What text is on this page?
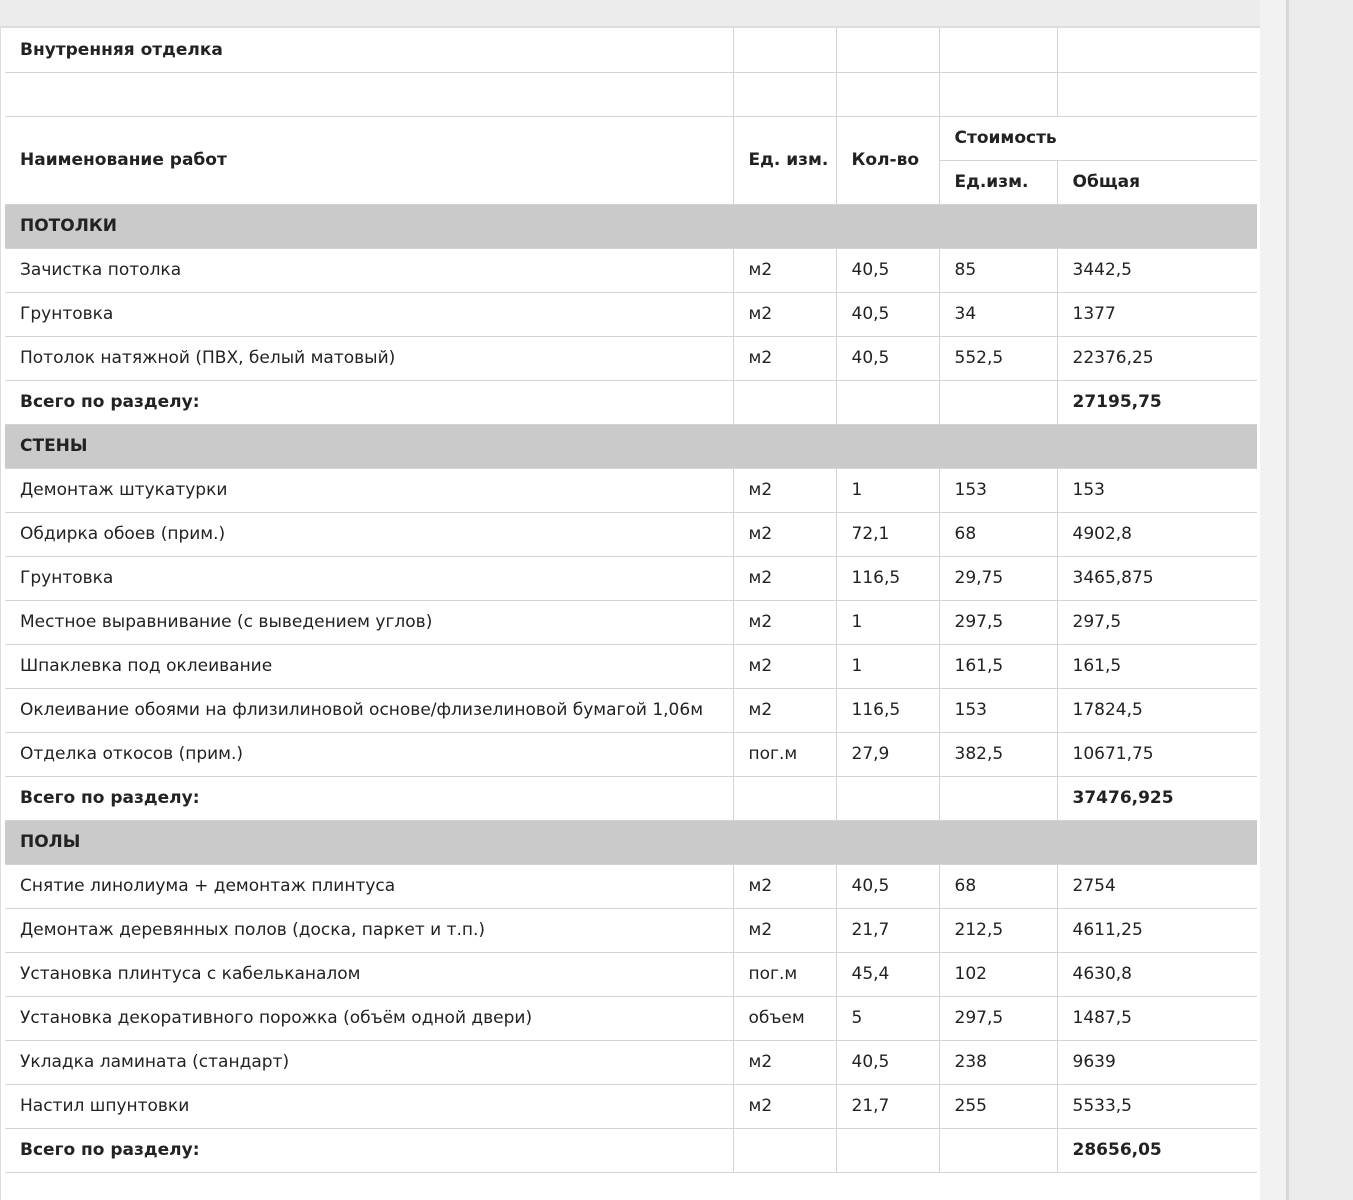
Внутренняя отделка				

Наименование работ	Ед. изм.	Кол-во	Стоимость	
			Ед.изм.	Общая
ПОТОЛКИ				
Зачистка потолка	м2	40,5	85	3442,5
Грунтовка	м2	40,5	34	1377
Потолок натяжной (ПВХ, белый матовый)	м2	40,5	552,5	22376,25
Всего по разделу:				27195,75
СТЕНЫ				
Демонтаж штукатурки	м2	1	153	153
Обдирка обоев (прим.)	м2	72,1	68	4902,8
Грунтовка	м2	116,5	29,75	3465,875
Местное выравнивание (с выведением углов)	м2	1	297,5	297,5
Шпаклевка под оклеивание	м2	1	161,5	161,5
Оклеивание обоями на флизилиновой основе/флизелиновой бумагой 1,06м	м2	116,5	153	17824,5
Отделка откосов (прим.)	пог.м	27,9	382,5	10671,75
Всего по разделу:				37476,925
ПОЛЫ				
Снятие линолиума + демонтаж плинтуса	м2	40,5	68	2754
Демонтаж деревянных полов (доска, паркет и т.п.)	м2	21,7	212,5	4611,25
Установка плинтуса с кабельканалом	пог.м	45,4	102	4630,8
Установка декоративного порожка (объём одной двери)	объем	5	297,5	1487,5
Укладка ламината (стандарт)	м2	40,5	238	9639
Настил шпунтовки	м2	21,7	255	5533,5
Всего по разделу:				28656,05
